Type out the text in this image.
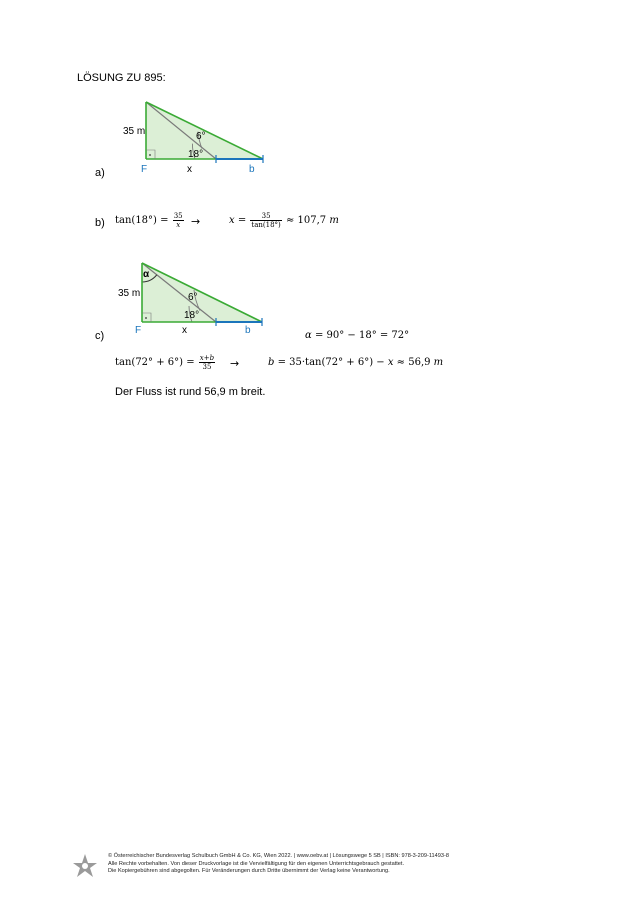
LÖSUNG ZU 895:
35 m	6°
18°
F	x	b
a)
b) $\tan(18^\circ) = \frac{35}{x}$ →	$x = \frac{35}{\tan(18^\circ)} \approx 107,7$ m
α
35 m	6°
18°
F	x	b
c)	α = 90° − 18° = 72°
$\tan(72^\circ + 6^\circ) = \frac{x+b}{35}$ →	b = 35·tan(72° + 6°) − x ≈ 56,9 m
Der Fluss ist rund 56,9 m breit.
© Österreichischer Bundesverlag Schulbuch GmbH & Co. KG, Wien 2022. | www.oebv.at | Lösungswege 5 SB | ISBN: 978-3-209-11493-8
Alle Rechte vorbehalten. Von dieser Druckvorlage ist die Vervielfältigung für den eigenen Unterrichtsgebrauch gestattet.
Die Kopiergebühren sind abgegolten. Für Veränderungen durch Dritte übernimmt der Verlag keine Verantwortung.
